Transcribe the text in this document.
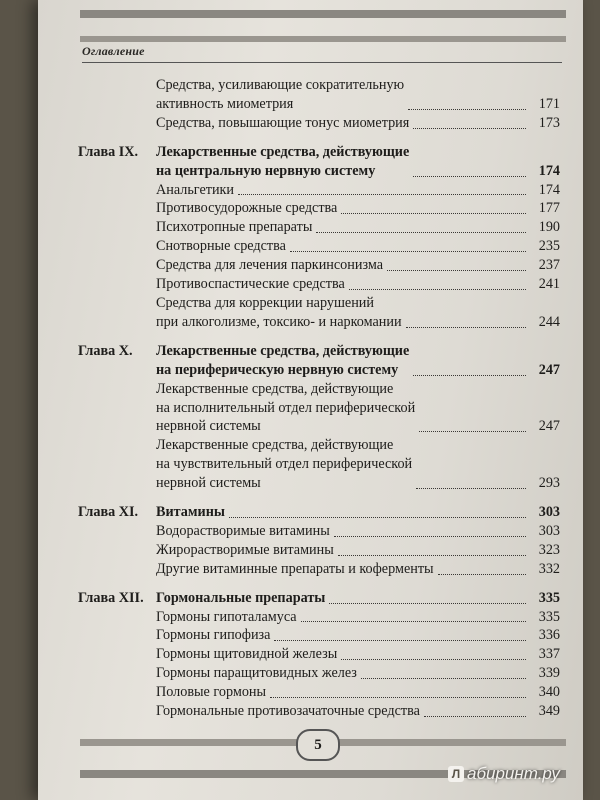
Оглавление
Средства, усиливающие сократительную
активность миометрия	171
Средства, повышающие тонус миометрия	173
Глава IX.	Лекарственные средства, действующие
на центральную нервную систему	174
Анальгетики	174
Противосудорожные средства	177
Психотропные препараты	190
Снотворные средства	235
Средства для лечения паркинсонизма	237
Противоспастические средства	241
Средства для коррекции нарушений
при алкоголизме, токсико- и наркомании	244
Глава X.	Лекарственные средства, действующие
на периферическую нервную систему	247
Лекарственные средства, действующие
на исполнительный отдел периферической
нервной системы	247
Лекарственные средства, действующие
на чувствительный отдел периферической
нервной системы	293
Глава XI.	Витамины	303
Водорастворимые витамины	303
Жирорастворимые витамины	323
Другие витаминные препараты и коферменты	332
Глава XII. Гормональные препараты	335
Гормоны гипоталамуса	335
Гормоны гипофиза	336
Гормоны щитовидной железы	337
Гормоны паращитовидных желез	339
Половые гормоны	340
Гормональные противозачаточные средства	349
5
Л абиринт.ру
